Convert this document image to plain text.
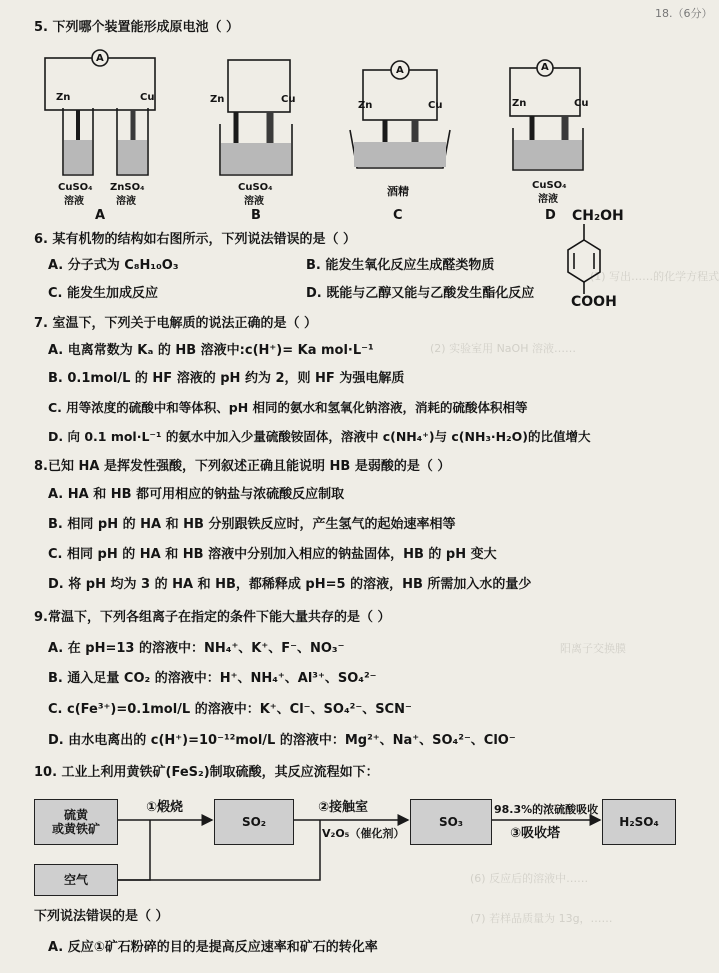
(1) 写出……的化学方程式
(2) 实验室用 NaOH 溶液……
阳离子交换膜
(6) 反应后的溶液中……
(7) 若样品质量为 13g，……
18.（6分）
5. 下列哪个装置能形成原电池（ ）
A
A	A
Zn	Cu	Zn	Cu
Zn	Cu	Zn	Cu
CuSO₄
溶液
ZnSO₄
溶液
CuSO₄
溶液
酒精	CuSO₄
溶液
A	B	C	D
6. 某有机物的结构如右图所示，下列说法错误的是（ ）
A. 分子式为 C₈H₁₀O₃	B. 能发生氧化反应生成醛类物质
C. 能发生加成反应	D. 既能与乙醇又能与乙酸发生酯化反应
CH₂OH
COOH
7. 室温下，下列关于电解质的说法正确的是（ ）
A. 电离常数为 Kₐ 的 HB 溶液中:c(H⁺)= Ka mol·L⁻¹
B. 0.1mol/L 的 HF 溶液的 pH 约为 2，则 HF 为强电解质
C. 用等浓度的硫酸中和等体积、pH 相同的氨水和氢氧化钠溶液，消耗的硫酸体积相等
D. 向 0.1 mol·L⁻¹ 的氨水中加入少量硫酸铵固体，溶液中 c(NH₄⁺)与 c(NH₃·H₂O)的比值增大
8.已知 HA 是挥发性强酸，下列叙述正确且能说明 HB 是弱酸的是（ ）
A. HA 和 HB 都可用相应的钠盐与浓硫酸反应制取
B. 相同 pH 的 HA 和 HB 分别跟铁反应时，产生氢气的起始速率相等
C. 相同 pH 的 HA 和 HB 溶液中分别加入相应的钠盐固体，HB 的 pH 变大
D. 将 pH 均为 3 的 HA 和 HB，都稀释成 pH=5 的溶液，HB 所需加入水的量少
9.常温下，下列各组离子在指定的条件下能大量共存的是（ ）
A. 在 pH=13 的溶液中：NH₄⁺、K⁺、F⁻、NO₃⁻
B. 通入足量 CO₂ 的溶液中：H⁺、NH₄⁺、Al³⁺、SO₄²⁻
C. c(Fe³⁺)=0.1mol/L 的溶液中：K⁺、Cl⁻、SO₄²⁻、SCN⁻
D. 由水电离出的 c(H⁺)=10⁻¹²mol/L 的溶液中：Mg²⁺、Na⁺、SO₄²⁻、ClO⁻
10. 工业上利用黄铁矿(FeS₂)制取硫酸，其反应流程如下：
硫黄
或黄铁矿	SO₂	SO₃	H₂SO₄
空气
①煅烧	②接触室
V₂O₅（催化剂）
98.3%的浓硫酸吸收
③吸收塔
下列说法错误的是（ ）
A. 反应①矿石粉碎的目的是提高反应速率和矿石的转化率
